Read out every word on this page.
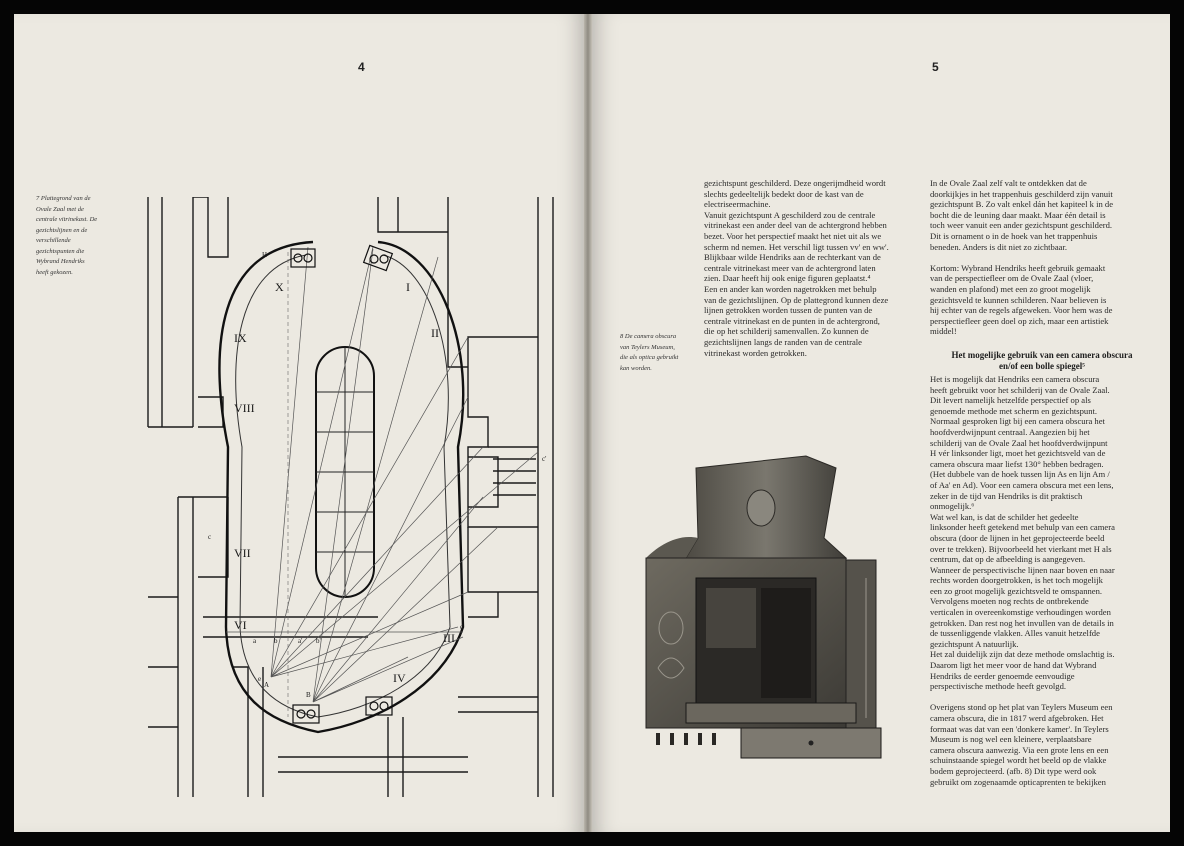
4
7 Plattegrond van de
Ovale Zaal met de
centrale vitrinekast. De
gezichtslijnen en de
verschillende
gezichtspunten die
Wybrand Hendriks
heeft gekozen.
X	I
II
IX
VIII
VII
VI
III
IV
H
A
B
a	b	a' b'
c
c'
d
e
5
8 De camera obscura
van Teylers Museum,
die als optica gebruikt
kan worden.
gezichtspunt geschilderd. Deze ongerijmdheid wordt
slechts gedeeltelijk bedekt door de kast van de
electriseermachine.
Vanuit gezichtspunt A geschilderd zou de centrale
vitrinekast een ander deel van de achtergrond hebben
bezet. Voor het perspectief maakt het niet uit als we
scherm nd nemen. Het verschil ligt tussen vv' en ww'.
Blijkbaar wilde Hendriks aan de rechterkant van de
centrale vitrinekast meer van de achtergrond laten
zien. Daar heeft hij ook enige figuren geplaatst.⁴
Een en ander kan worden nagetrokken met behulp
van de gezichtslijnen. Op de plattegrond kunnen deze
lijnen getrokken worden tussen de punten van de
centrale vitrinekast en de punten in de achtergrond,
die op het schilderij samenvallen. Zo kunnen de
gezichtslijnen langs de randen van de centrale
vitrinekast worden getrokken.
In de Ovale Zaal zelf valt te ontdekken dat de
doorkijkjes in het trappenhuis geschilderd zijn vanuit
gezichtspunt B. Zo valt enkel dán het kapiteel k in de
bocht die de leuning daar maakt. Maar één detail is
toch weer vanuit een ander gezichtspunt geschilderd.
Dit is ornament o in de hoek van het trappenhuis
beneden. Anders is dit niet zo zichtbaar.

Kortom: Wybrand Hendriks heeft gebruik gemaakt
van de perspectiefleer om de Ovale Zaal (vloer,
wanden en plafond) met een zo groot mogelijk
gezichtsveld te kunnen schilderen. Naar believen is
hij echter van de regels afgeweken. Voor hem was de
perspectiefleer geen doel op zich, maar een artistiek
middel!
Het mogelijke gebruik van een camera obscura
en/of een bolle spiegel⁵
Het is mogelijk dat Hendriks een camera obscura
heeft gebruikt voor het schilderij van de Ovale Zaal.
Dit levert namelijk hetzelfde perspectief op als
genoemde methode met scherm en gezichtspunt.
Normaal gesproken ligt bij een camera obscura het
hoofdverdwijnpunt centraal. Aangezien bij het
schilderij van de Ovale Zaal het hoofdverdwijnpunt
H vér linksonder ligt, moet het gezichtsveld van de
camera obscura maar liefst 130° hebben bedragen.
(Het dubbele van de hoek tussen lijn As en lijn Am /
of Aa' en Ad). Voor een camera obscura met een lens,
zeker in de tijd van Hendriks is dit praktisch
onmogelijk.⁶
Wat wel kan, is dat de schilder het gedeelte
linksonder heeft getekend met behulp van een camera
obscura (door de lijnen in het geprojecteerde beeld
over te trekken). Bijvoorbeeld het vierkant met H als
centrum, dat op de afbeelding is aangegeven.
Wanneer de perspectivische lijnen naar boven en naar
rechts worden doorgetrokken, is het toch mogelijk
een zo groot mogelijk gezichtsveld te omspannen.
Vervolgens moeten nog rechts de ontbrekende
verticalen in overeenkomstige verhoudingen worden
getrokken. Dan rest nog het invullen van de details in
de tussenliggende vlakken. Alles vanuit hetzelfde
gezichtspunt A natuurlijk.
Het zal duidelijk zijn dat deze methode omslachtig is.
Daarom ligt het meer voor de hand dat Wybrand
Hendriks de eerder genoemde eenvoudige
perspectivische methode heeft gevolgd.

Overigens stond op het plat van Teylers Museum een
camera obscura, die in 1817 werd afgebroken. Het
formaat was dat van een 'donkere kamer'. In Teylers
Museum is nog wel een kleinere, verplaatsbare
camera obscura aanwezig. Via een grote lens en een
schuinstaande spiegel wordt het beeld op de vlakke
bodem geprojecteerd. (afb. 8) Dit type werd ook
gebruikt om zogenaamde opticaprenten te bekijken
